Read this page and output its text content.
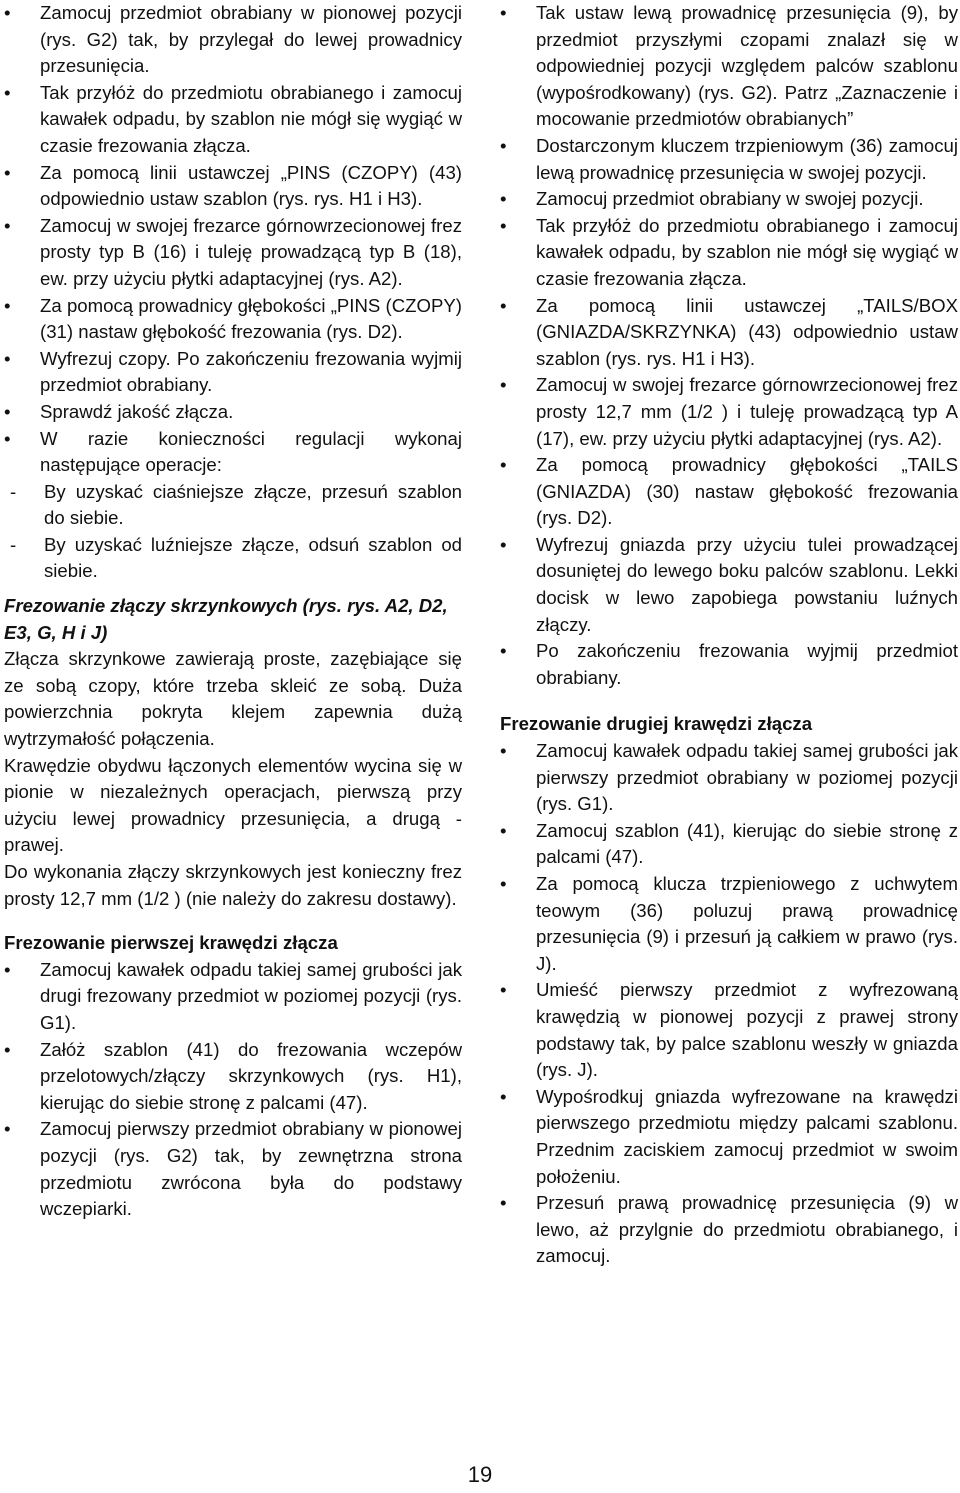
• Zamocuj przedmiot obrabiany w pionowej pozycji (rys. G2) tak, by przylegał do lewej prowadnicy przesunięcia.
• Tak przyłóż do przedmiotu obrabianego i zamocuj kawałek odpadu, by szablon nie mógł się wygiąć w czasie frezowania złącza.
• Za pomocą linii ustawczej „PINS (CZOPY) (43) odpowiednio ustaw szablon (rys. rys. H1 i H3).
• Zamocuj w swojej frezarce górnowrzecionowej frez prosty typ B (16) i tuleję prowadzącą typ B (18), ew. przy użyciu płytki adaptacyjnej (rys. A2).
• Za pomocą prowadnicy głębokości „PINS (CZOPY) (31) nastaw głębokość frezowania (rys. D2).
• Wyfrezuj czopy. Po zakończeniu frezowania wyjmij przedmiot obrabiany.
• Sprawdź jakość złącza.
• W razie konieczności regulacji wykonaj następujące operacje:
- By uzyskać ciaśniejsze złącze, przesuń szablon do siebie.
- By uzyskać luźniejsze złącze, odsuń szablon od siebie.
Frezowanie złączy skrzynkowych (rys. rys. A2, D2, E3, G, H i J)

Złącza skrzynkowe zawierają proste, zazębiające się ze sobą czopy, które trzeba skleić ze sobą. Duża powierzchnia pokryta klejem zapewnia dużą wytrzymałość połączenia.

Krawędzie obydwu łączonych elementów wycina się w pionie w niezależnych operacjach, pierwszą przy użyciu lewej prowadnicy przesunięcia, a drugą - prawej.

Do wykonania złączy skrzynkowych jest konieczny frez prosty 12,7 mm (1/2 ) (nie należy do zakresu dostawy).

Frezowanie pierwszej krawędzi złącza
• Zamocuj kawałek odpadu takiej samej grubości jak drugi frezowany przedmiot w poziomej pozycji (rys. G1).
• Załóż szablon (41) do frezowania wczepów przelotowych/złączy skrzynkowych (rys. H1), kierując do siebie stronę z palcami (47).
• Zamocuj pierwszy przedmiot obrabiany w pionowej pozycji (rys. G2) tak, by zewnętrzna strona przedmiotu zwrócona była do podstawy wczepiarki.
• Tak ustaw lewą prowadnicę przesunięcia (9), by przedmiot przyszłymi czopami znalazł się w odpowiedniej pozycji względem palców szablonu (wypośrodkowany) (rys. G2). Patrz „Zaznaczenie i mocowanie przedmiotów obrabianych”
• Dostarczonym kluczem trzpieniowym (36) zamocuj lewą prowadnicę przesunięcia w swojej pozycji.
• Zamocuj przedmiot obrabiany w swojej pozycji.
• Tak przyłóż do przedmiotu obrabianego i zamocuj kawałek odpadu, by szablon nie mógł się wygiąć w czasie frezowania złącza.
• Za pomocą linii ustawczej „TAILS/BOX (GNIAZDA/SKRZYNKA) (43) odpowiednio ustaw szablon (rys. rys. H1 i H3).
• Zamocuj w swojej frezarce górnowrzecionowej frez prosty 12,7 mm (1/2 ) i tuleję prowadzącą typ A (17), ew. przy użyciu płytki adaptacyjnej (rys. A2).
• Za pomocą prowadnicy głębokości „TAILS (GNIAZDA) (30) nastaw głębokość frezowania (rys. D2).
• Wyfrezuj gniazda przy użyciu tulei prowadzącej dosuniętej do lewego boku palców szablonu. Lekki docisk w lewo zapobiega powstaniu luźnych złączy.
• Po zakończeniu frezowania wyjmij przedmiot obrabiany.
Frezowanie drugiej krawędzi złącza
• Zamocuj kawałek odpadu takiej samej grubości jak pierwszy przedmiot obrabiany w poziomej pozycji (rys. G1).
• Zamocuj szablon (41), kierując do siebie stronę z palcami (47).
• Za pomocą klucza trzpieniowego z uchwytem teowym (36) poluzuj prawą prowadnicę przesunięcia (9) i przesuń ją całkiem w prawo (rys. J).
• Umieść pierwszy przedmiot z wyfrezowaną krawędzią w pionowej pozycji z prawej strony podstawy tak, by palce szablonu weszły w gniazda (rys. J).
• Wypośrodkuj gniazda wyfrezowane na krawędzi pierwszego przedmiotu między palcami szablonu. Przednim zaciskiem zamocuj przedmiot w swoim położeniu.
• Przesuń prawą prowadnicę przesunięcia (9) w lewo, aż przylgnie do przedmiotu obrabianego, i zamocuj.
19
